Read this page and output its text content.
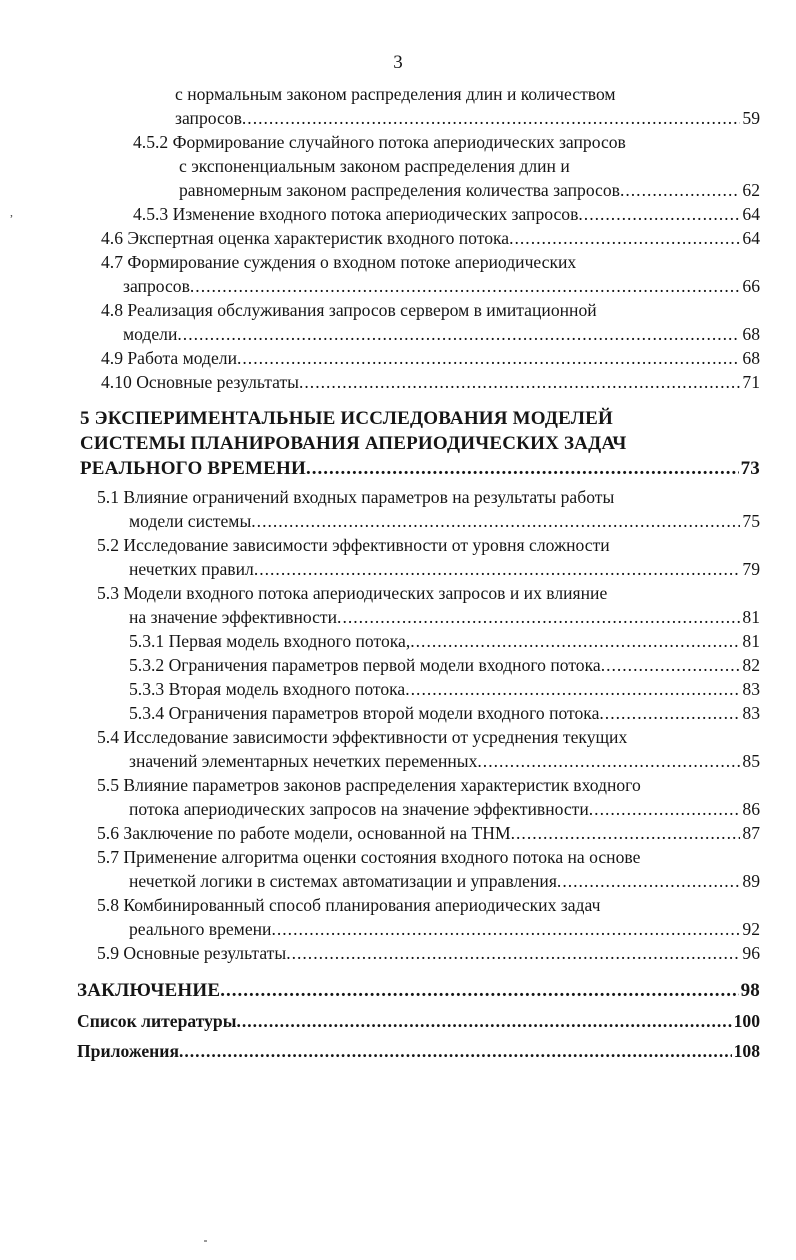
3
,
с нормальным законом распределения длин и количеством
запросов .....	59
4.5.2 Формирование случайного потока апериодических запросов
с экспоненциальным законом распределения длин и
равномерным законом распределения количества запросов .....	62
4.5.3 Изменение входного потока апериодических запросов .....	64
4.6 Экспертная оценка характеристик входного потока .....	64
4.7 Формирование суждения о входном потоке апериодических
запросов .....	66
4.8 Реализация обслуживания запросов сервером в имитационной
модели .....	68
4.9 Работа модели .....	68
4.10 Основные результаты .....	71
5 ЭКСПЕРИМЕНТАЛЬНЫЕ ИССЛЕДОВАНИЯ МОДЕЛЕЙ
СИСТЕМЫ ПЛАНИРОВАНИЯ АПЕРИОДИЧЕСКИХ ЗАДАЧ
РЕАЛЬНОГО ВРЕМЕНИ .....	73
5.1 Влияние ограничений входных параметров на результаты работы
модели системы .....	75
5.2 Исследование зависимости эффективности от уровня сложности
нечетких правил .....	79
5.3 Модели входного потока апериодических запросов и их влияние
на значение эффективности .....	81
5.3.1 Первая модель входного потока, .....	81
5.3.2 Ограничения параметров первой модели входного потока .....	82
5.3.3 Вторая модель входного потока .....	83
5.3.4 Ограничения параметров второй модели входного потока .....	83
5.4 Исследование зависимости эффективности от усреднения текущих
значений элементарных нечетких переменных .....	85
5.5 Влияние параметров законов распределения характеристик входного
потока апериодических запросов на значение эффективности .....	86
5.6 Заключение по работе модели, основанной на ТНМ .....	87
5.7 Применение алгоритма оценки состояния входного потока на основе
нечеткой логики в системах автоматизации и управления .....	89
5.8 Комбинированный способ планирования апериодических задач
реального времени .....	92
5.9 Основные результаты .....	96
ЗАКЛЮЧЕНИЕ .....	98
Список литературы .....	100
Приложения .....	108
